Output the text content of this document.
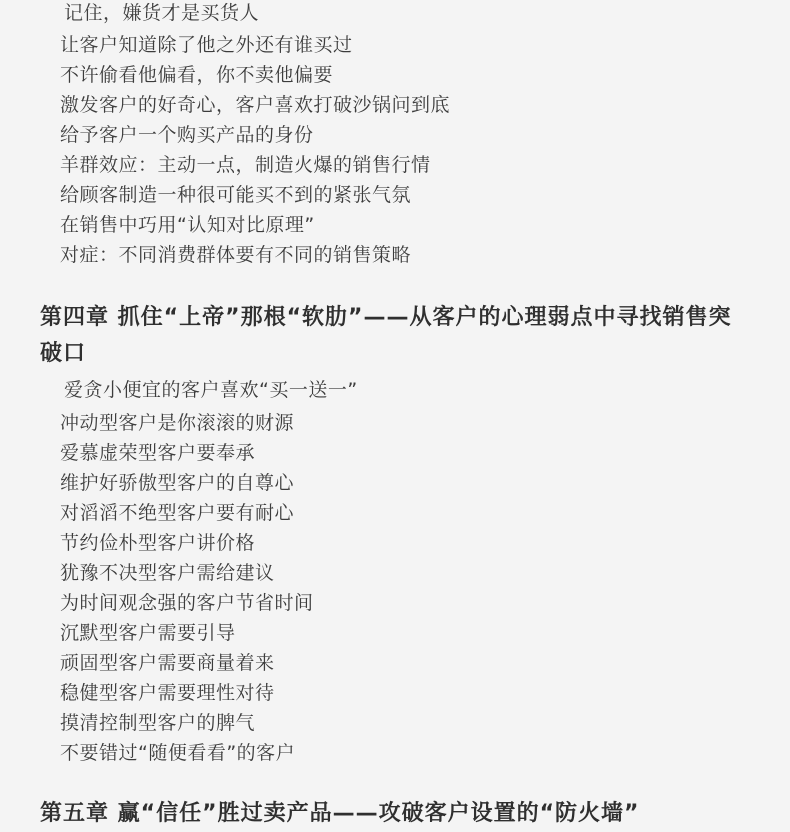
记住，嫌货才是买货人
让客户知道除了他之外还有谁买过
不许偷看他偏看，你不卖他偏要
激发客户的好奇心，客户喜欢打破沙锅问到底
给予客户一个购买产品的身份
羊群效应：主动一点，制造火爆的销售行情
给顾客制造一种很可能买不到的紧张气氛
在销售中巧用“认知对比原理”
对症：不同消费群体要有不同的销售策略
第四章 抓住“上帝”那根“软肋”——从客户的心理弱点中寻找销售突破口
爱贪小便宜的客户喜欢“买一送一”
冲动型客户是你滚滚的财源
爱慕虚荣型客户要奉承
维护好骄傲型客户的自尊心
对滔滔不绝型客户要有耐心
节约俭朴型客户讲价格
犹豫不决型客户需给建议
为时间观念强的客户节省时间
沉默型客户需要引导
顽固型客户需要商量着来
稳健型客户需要理性对待
摸清控制型客户的脾气
不要错过“随便看看”的客户
第五章 赢“信任”胜过卖产品——攻破客户设置的“防火墙”
